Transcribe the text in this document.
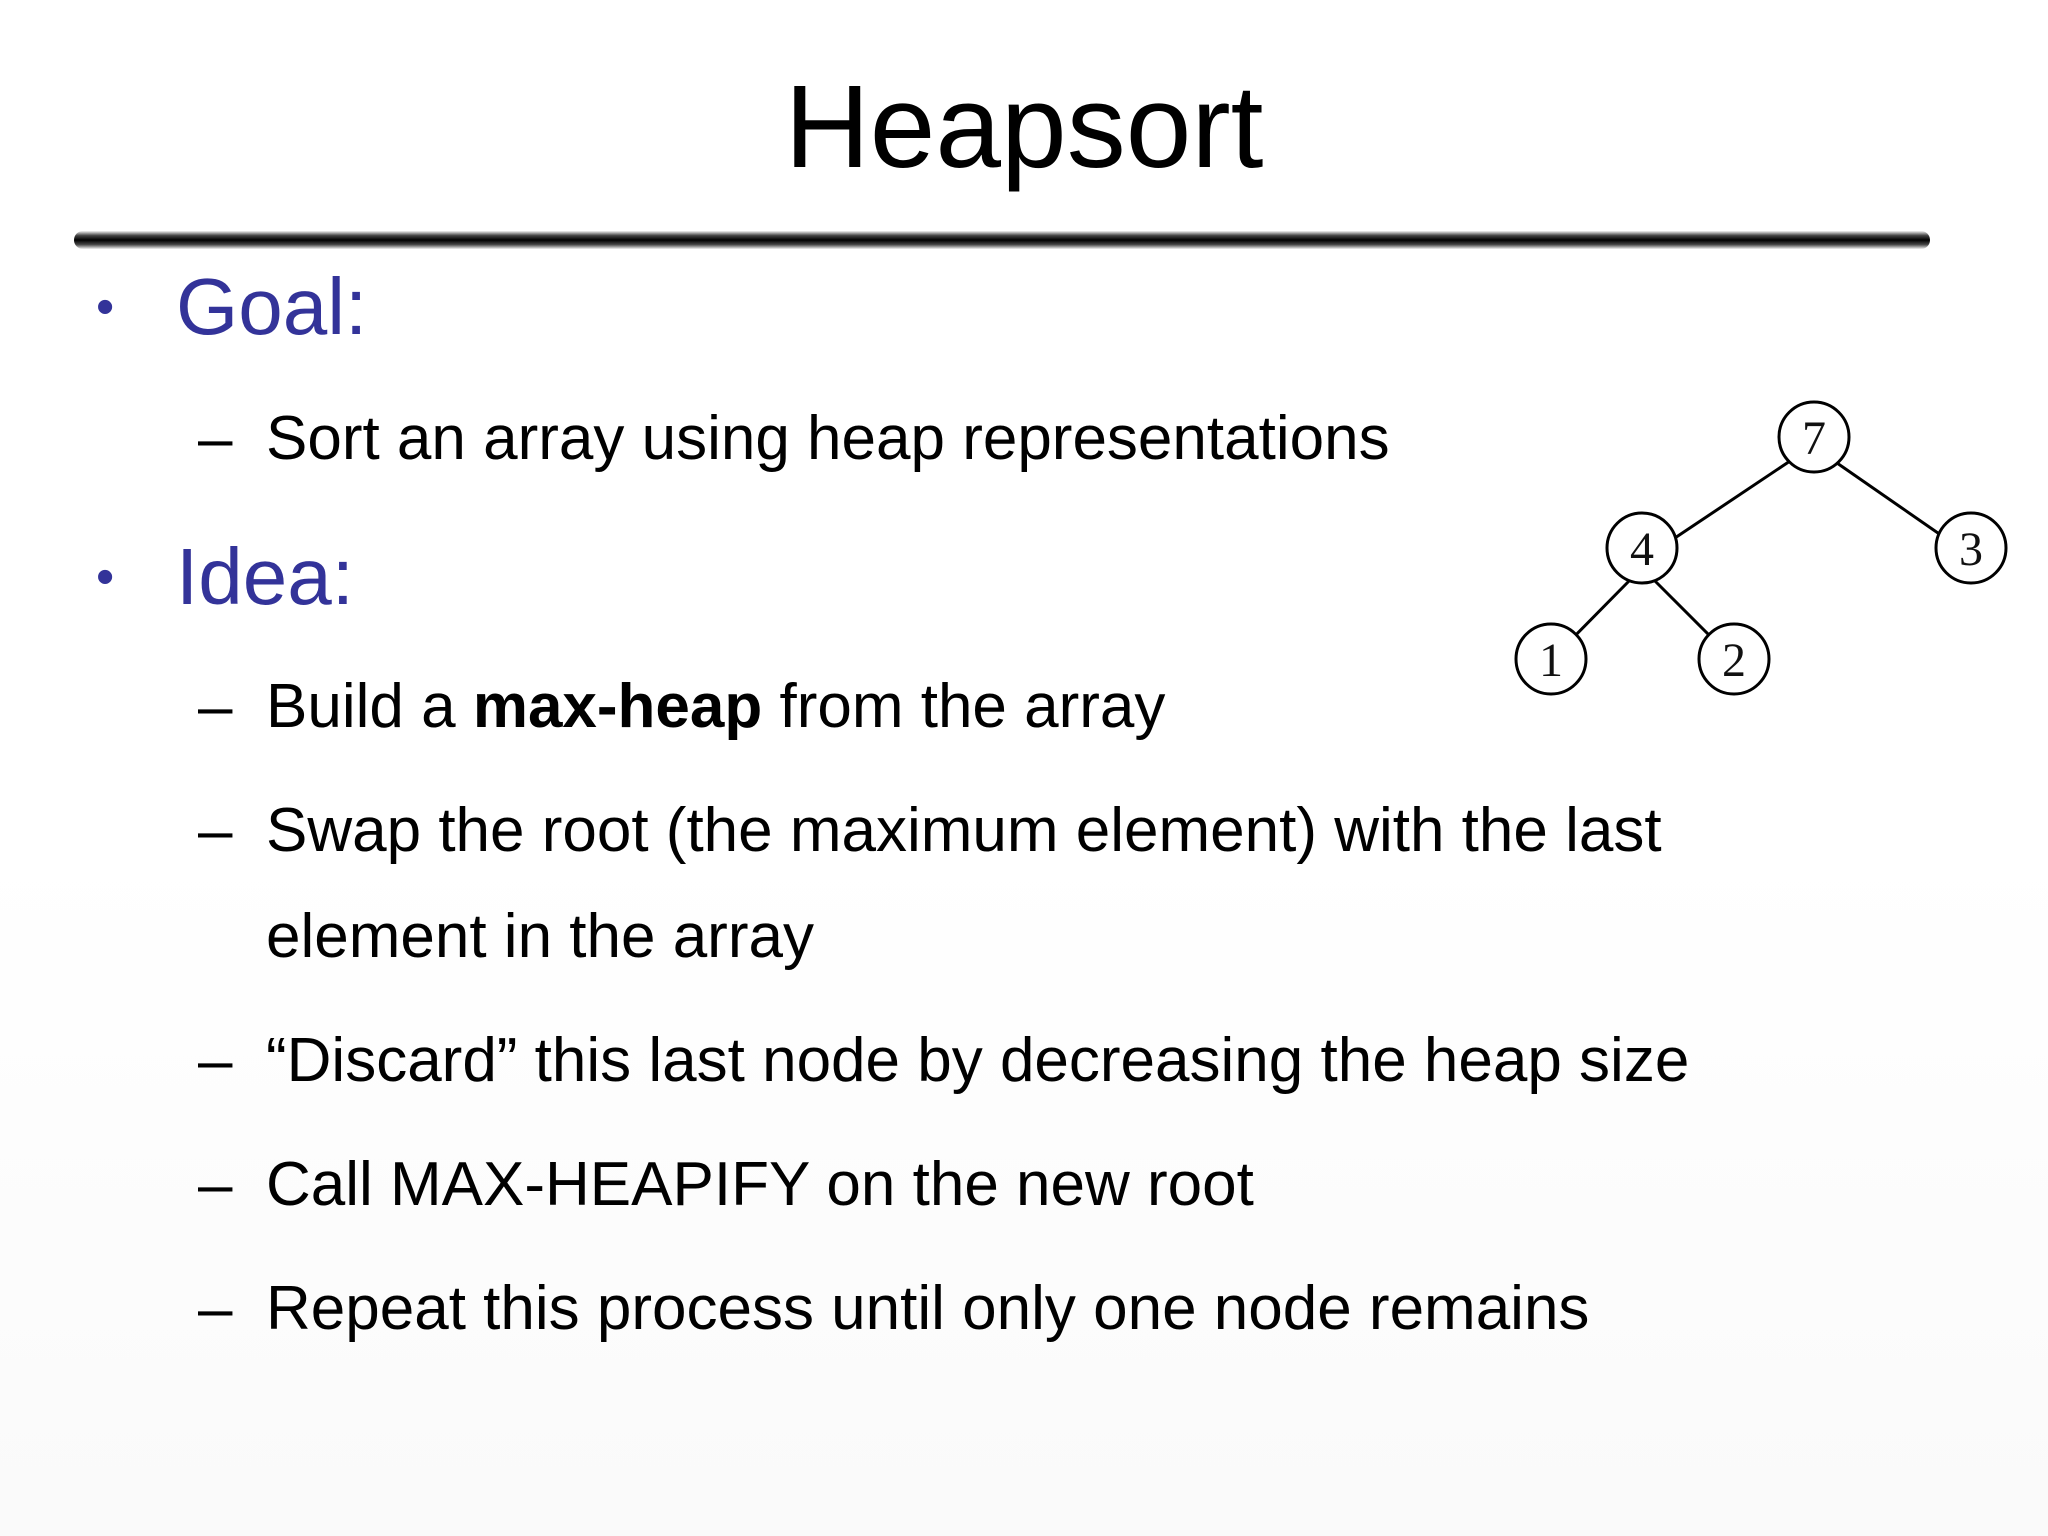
Heapsort
• Goal:
– Sort an array using heap representations
• Idea:
– Build a max-heap from the array
– Swap the root (the maximum element) with the last
element in the array
– “Discard” this last node by decreasing the heap size
– Call MAX-HEAPIFY on the new root
– Repeat this process until only one node remains
7
4	3
1	2
